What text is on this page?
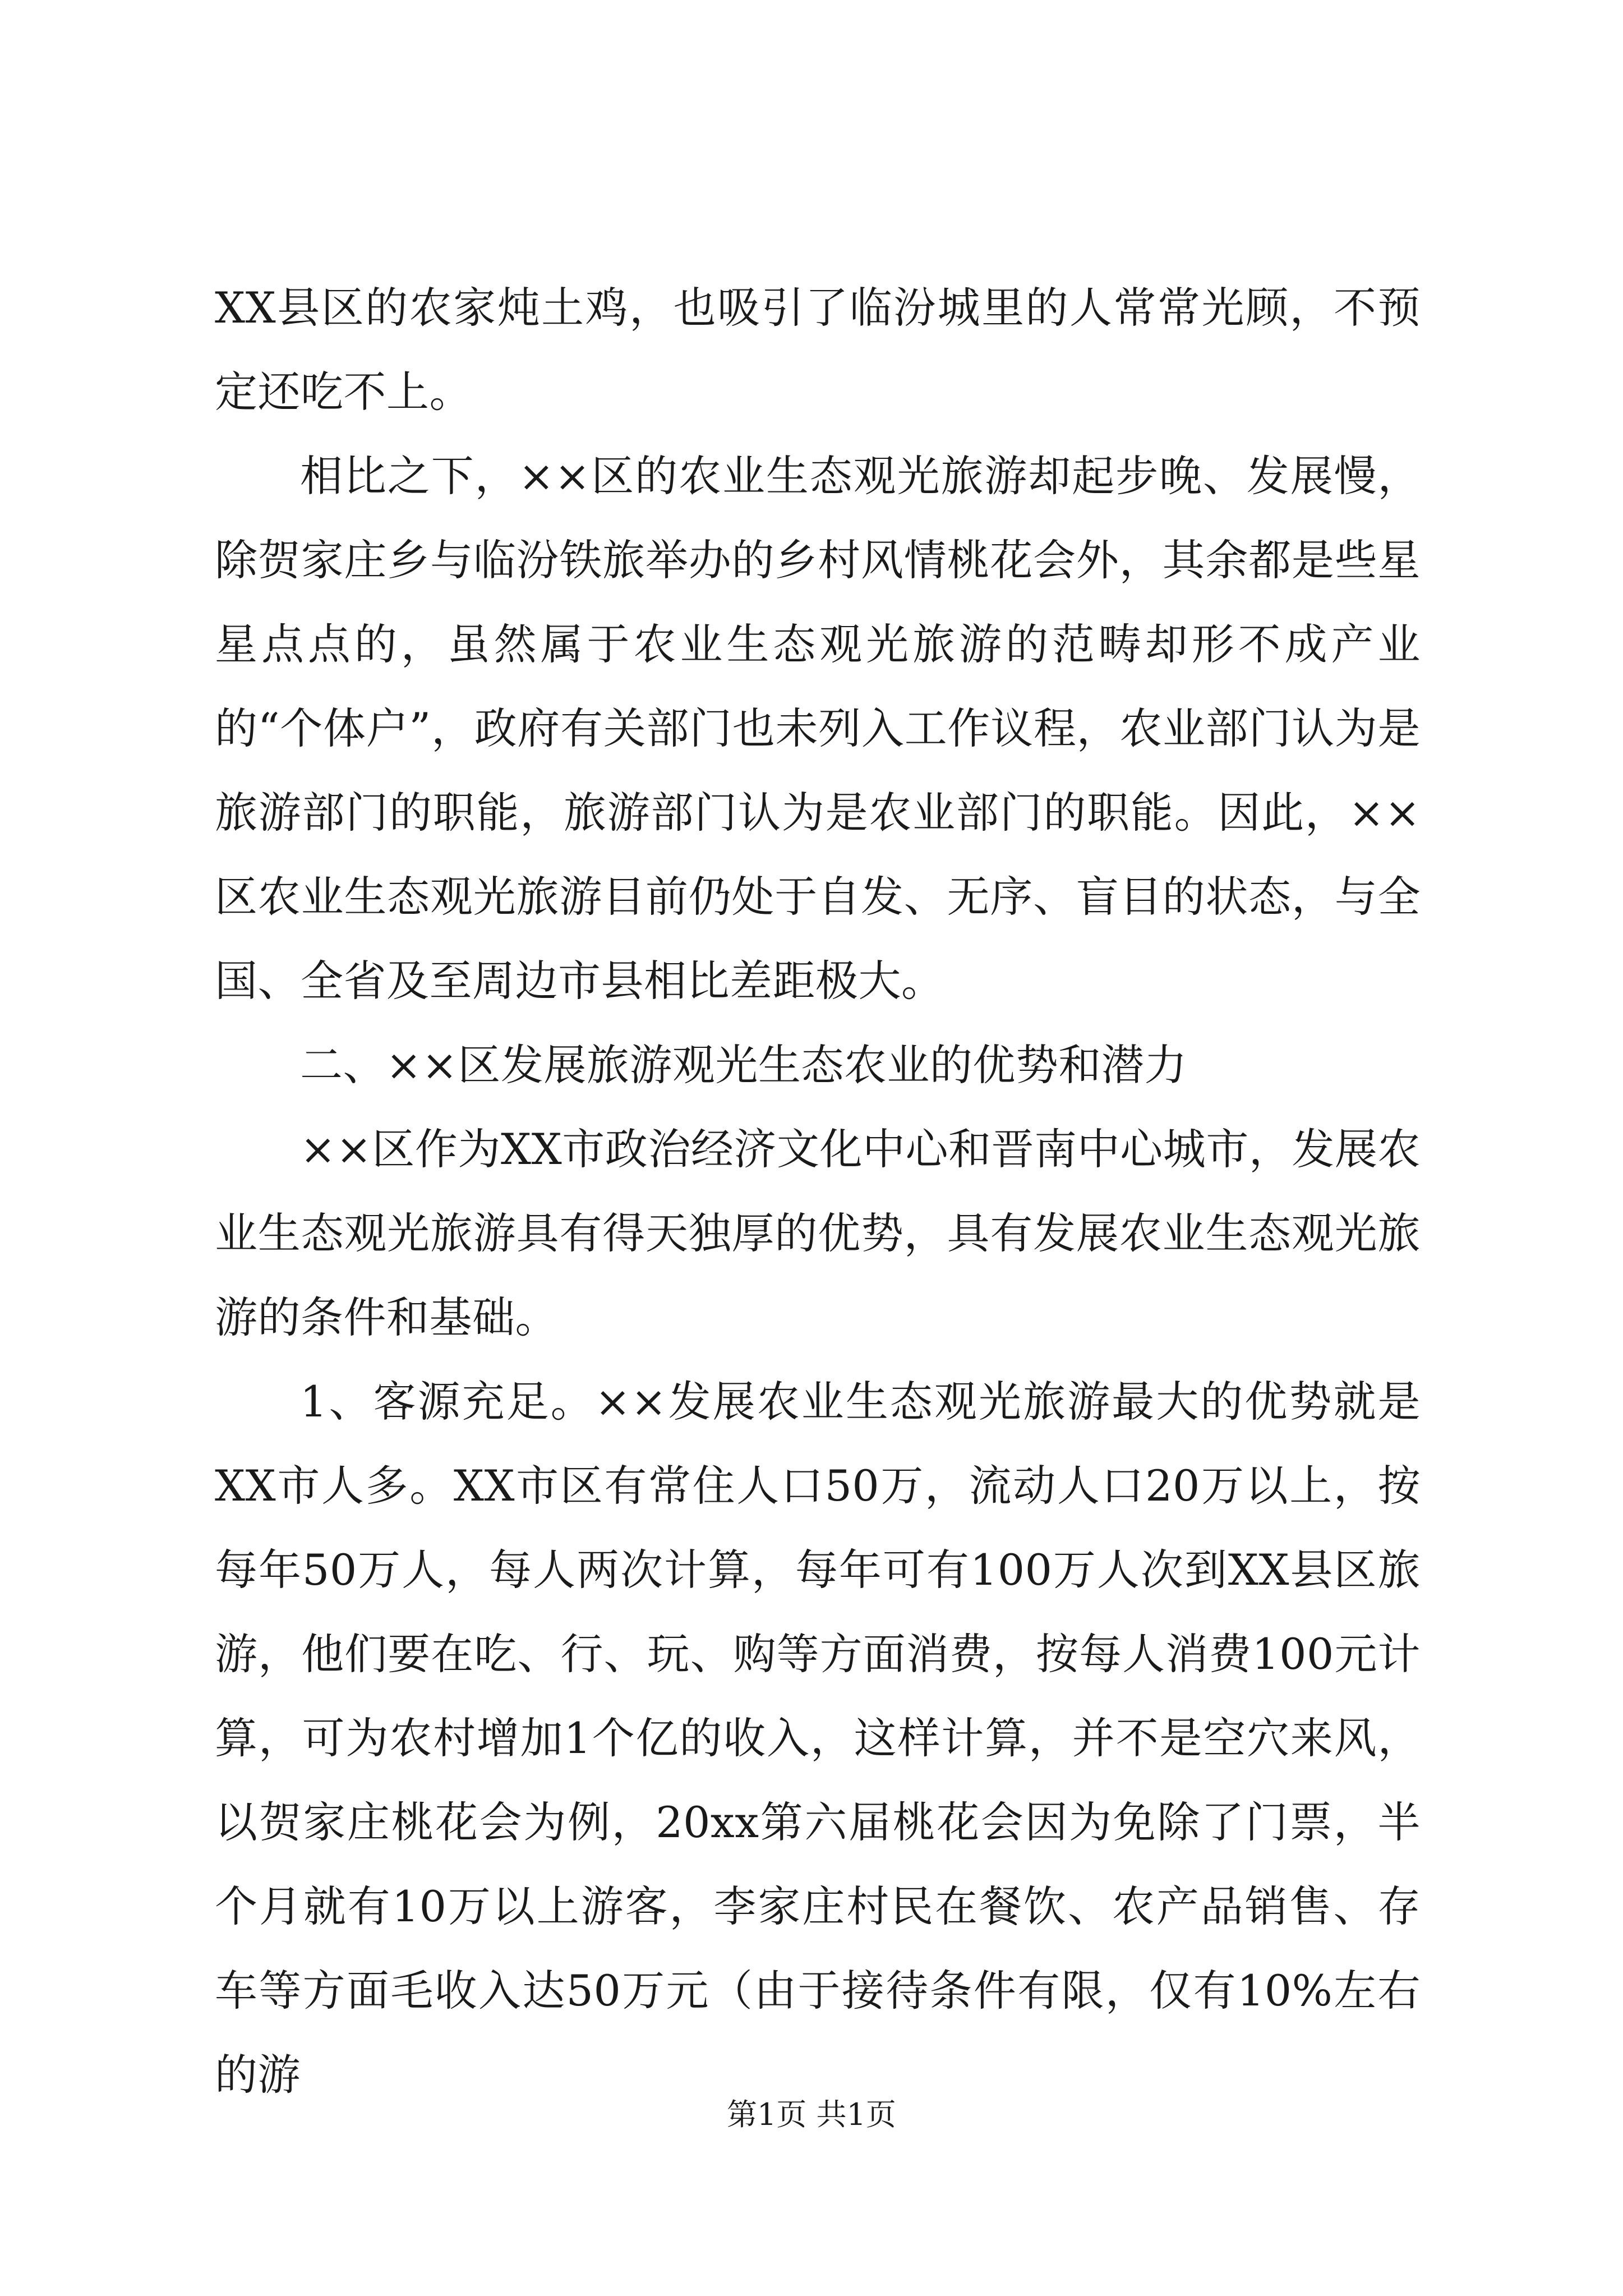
XX县区的农家炖土鸡，也吸引了临汾城里的人常常光顾，不预定还吃不上。

相比之下，××区的农业生态观光旅游却起步晚、发展慢，除贺家庄乡与临汾铁旅举办的乡村风情桃花会外，其余都是些星星点点的，虽然属于农业生态观光旅游的范畴却形不成产业的“个体户”，政府有关部门也未列入工作议程，农业部门认为是旅游部门的职能，旅游部门认为是农业部门的职能。因此，××区农业生态观光旅游目前仍处于自发、无序、盲目的状态，与全国、全省及至周边市县相比差距极大。

二、××区发展旅游观光生态农业的优势和潜力

××区作为XX市政治经济文化中心和晋南中心城市，发展农业生态观光旅游具有得天独厚的优势，具有发展农业生态观光旅游的条件和基础。

1、客源充足。××发展农业生态观光旅游最大的优势就是XX市人多。XX市区有常住人口50万，流动人口20万以上，按每年50万人，每人两次计算，每年可有100万人次到XX县区旅游，他们要在吃、行、玩、购等方面消费，按每人消费100元计算，可为农村增加1个亿的收入，这样计算，并不是空穴来风，以贺家庄桃花会为例，20xx第六届桃花会因为免除了门票，半个月就有10万以上游客，李家庄村民在餐饮、农产品销售、存车等方面毛收入达50万元（由于接待条件有限，仅有10%左右的游

第1页 共1页
